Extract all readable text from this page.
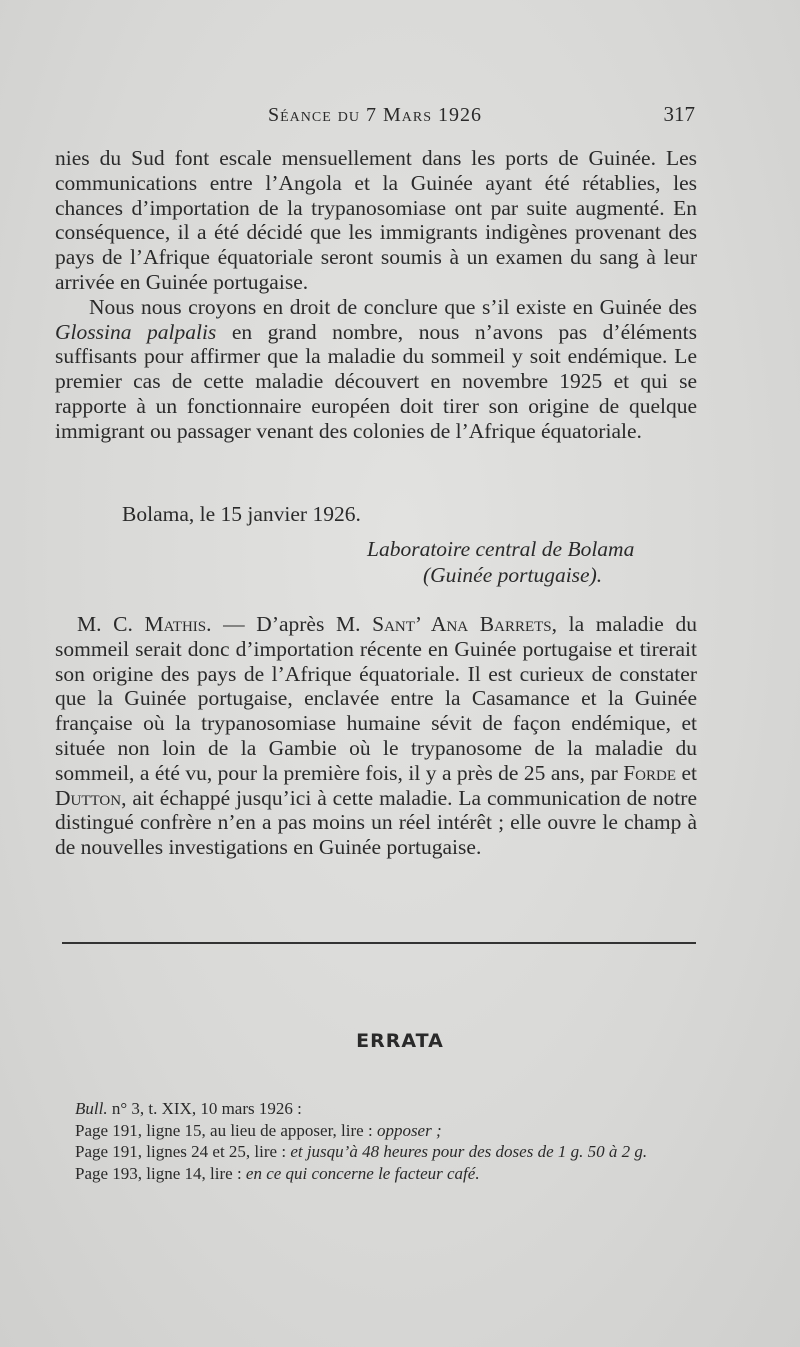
Séance du 7 Mars 1926	317

nies du Sud font escale mensuellement dans les ports de Guinée. Les communications entre l’Angola et la Guinée ayant été rétablies, les chances d’importation de la trypanosomiase ont par suite augmenté. En conséquence, il a été décidé que les immigrants indigènes provenant des pays de l’Afrique équatoriale seront soumis à un examen du sang à leur arrivée en Guinée portugaise.

Nous nous croyons en droit de conclure que s’il existe en Guinée des Glossina palpalis en grand nombre, nous n’avons pas d’éléments suffisants pour affirmer que la maladie du sommeil y soit endémique. Le premier cas de cette maladie découvert en novembre 1925 et qui se rapporte à un fonctionnaire européen doit tirer son origine de quelque immigrant ou passager venant des colonies de l’Afrique équatoriale.

Bolama, le 15 janvier 1926.
Laboratoire central de Bolama
(Guinée portugaise).

M. C. Mathis. — D’après M. Sant’ Ana Barrets, la maladie du sommeil serait donc d’importation récente en Guinée portugaise et tirerait son origine des pays de l’Afrique équatoriale. Il est curieux de constater que la Guinée portugaise, enclavée entre la Casamance et la Guinée française où la trypanosomiase humaine sévit de façon endémique, et située non loin de la Gambie où le trypanosome de la maladie du sommeil, a été vu, pour la première fois, il y a près de 25 ans, par Forde et Dutton, ait échappé jusqu’ici à cette maladie. La communication de notre distingué confrère n’en a pas moins un réel intérêt ; elle ouvre le champ à de nouvelles investigations en Guinée portugaise.

ERRATA
Bull. n° 3, t. XIX, 10 mars 1926 :
Page 191, ligne 15, au lieu de apposer, lire : opposer ;
Page 191, lignes 24 et 25, lire : et jusqu’à 48 heures pour des doses de 1 g. 50 à 2 g.
Page 193, ligne 14, lire : en ce qui concerne le facteur café.
